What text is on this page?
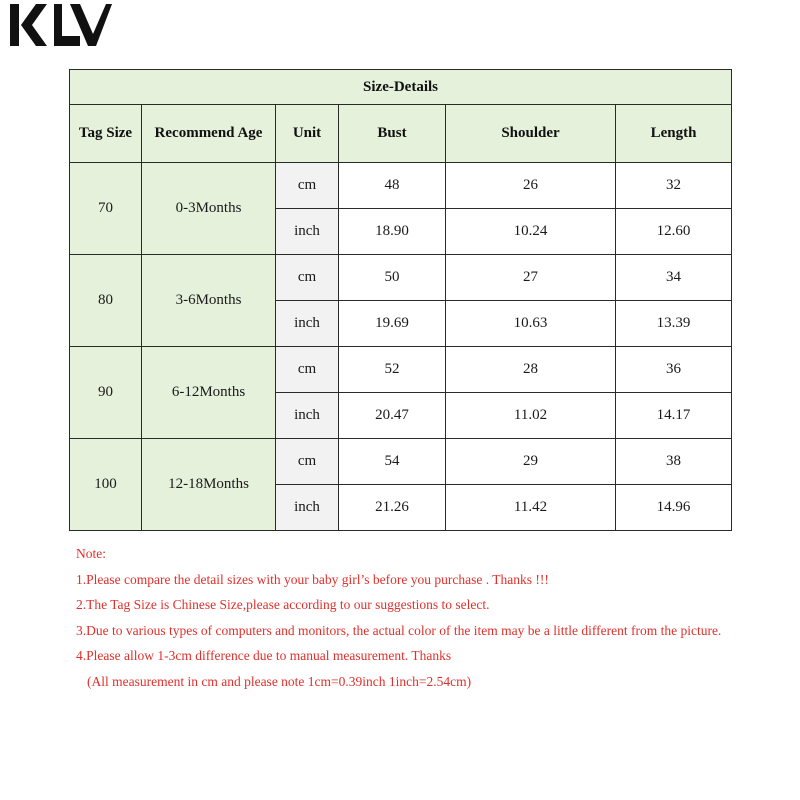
Size-Details					
Tag Size	Recommend Age	Unit	Bust	Shoulder	Length
70	0-3Months	cm	48	26	32
		inch	18.90	10.24	12.60
80	3-6Months	cm	50	27	34
		inch	19.69	10.63	13.39
90	6-12Months	cm	52	28	36
		inch	20.47	11.02	14.17
100	12-18Months	cm	54	29	38
		inch	21.26	11.42	14.96
Note:
1.Please compare the detail sizes with your baby girl’s before you purchase . Thanks !!!
2.The Tag Size is Chinese Size,please according to our suggestions to select.
3.Due to various types of computers and monitors, the actual color of the item may be a little different from the picture.
4.Please allow 1-3cm difference due to manual measurement. Thanks
(All measurement in cm and please note 1cm=0.39inch 1inch=2.54cm)
